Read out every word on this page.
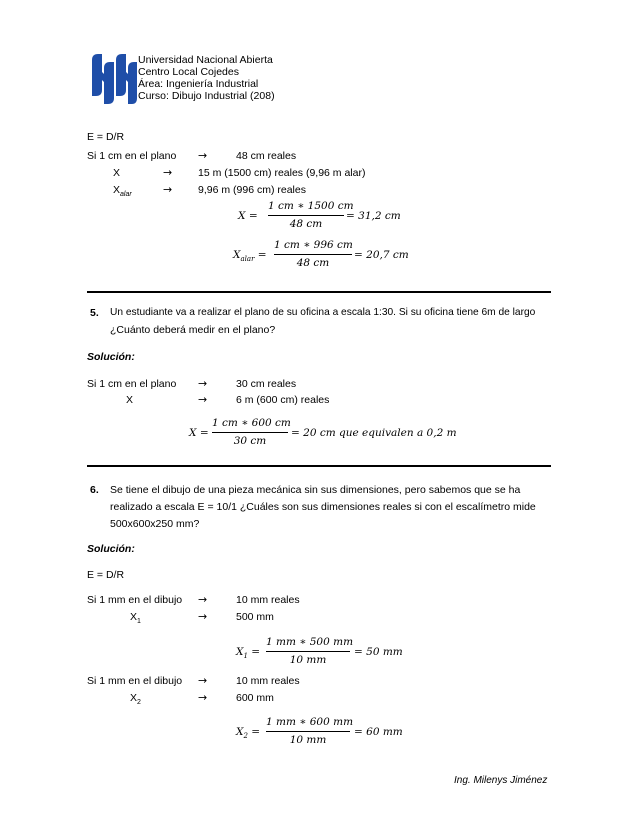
Universidad Nacional Abierta
Centro Local Cojedes
Área: Ingeniería Industrial
Curso: Dibujo Industrial (208)
E = D/R
Si 1 cm en el plano →	48 cm reales
X	→ 15 m (1500 cm) reales (9,96 m alar)
$X_{alar}$	→ 9,96 m (996 cm) reales
X =
1 cm ∗ 1500 cm
48 cm
= 31,2 cm
$X_{alar}$ =
1 cm ∗ 996 cm
48 cm
= 20,7 cm
5. Un estudiante va a realizar el plano de su oficina a escala 1:30. Si su oficina tiene 6m de largo
¿Cuánto deberá medir en el plano?
Solución:
Si 1 cm en el plano →	30 cm reales
X	→	6 m (600 cm) reales
X =
1 cm ∗ 600 cm
30 cm
= 20 cm que equivalen a 0,2 m
6. Se tiene el dibujo de una pieza mecánica sin sus dimensiones, pero sabemos que se ha
realizado a escala E = 10/1 ¿Cuáles son sus dimensiones reales si con el escalímetro mide
500x600x250 mm?
Solución:
E = D/R
Si 1 mm en el dibujo →	10 mm reales
$X_1$	→	500 mm
$X_1$ =
1 mm ∗ 500 mm
10 mm
= 50 mm
Si 1 mm en el dibujo →	10 mm reales
$X_2$	→	600 mm
$X_2$ =
1 mm ∗ 600 mm
10 mm
= 60 mm
Ing. Milenys Jiménez
